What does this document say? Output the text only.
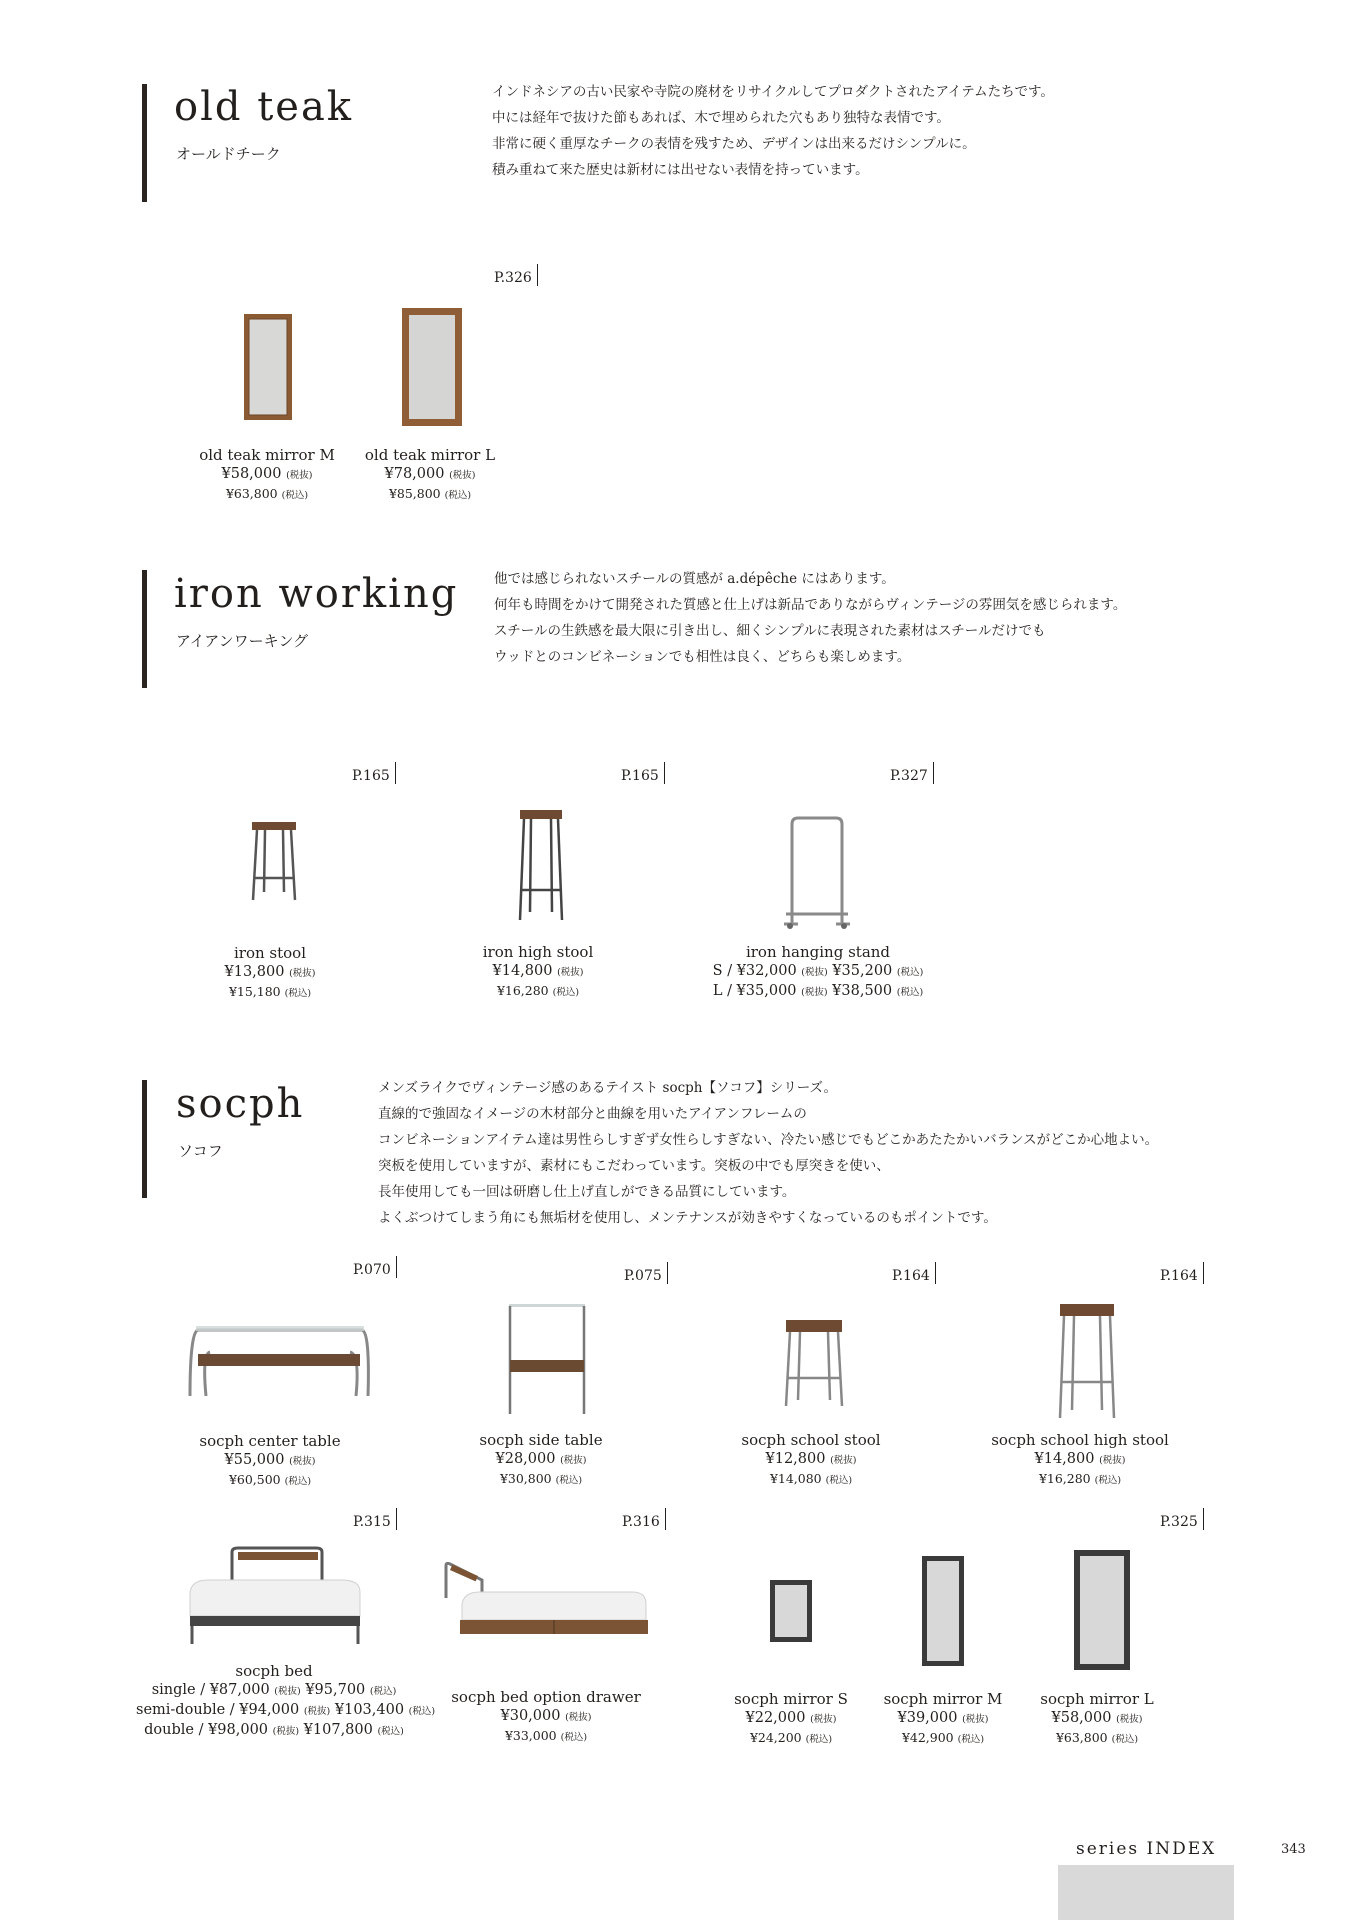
old teak
オールドチーク
インドネシアの古い民家や寺院の廃材をリサイクルしてプロダクトされたアイテムたちです。
中には経年で抜けた節もあれば、木で埋められた穴もあり独特な表情です。
非常に硬く重厚なチークの表情を残すため、デザインは出来るだけシンプルに。
積み重ねて来た歴史は新材には出せない表情を持っています。
P.326
old teak mirror M
¥58,000 (税抜)
¥63,800 (税込)
old teak mirror L
¥78,000 (税抜)
¥85,800 (税込)
iron working
アイアンワーキング
他では感じられないスチールの質感が a.dépêche にはあります。
何年も時間をかけて開発された質感と仕上げは新品でありながらヴィンテージの雰囲気を感じられます。
スチールの生鉄感を最大限に引き出し、細くシンプルに表現された素材はスチールだけでも
ウッドとのコンビネーションでも相性は良く、どちらも楽しめます。
P.165	P.165	P.327
iron stool
¥13,800 (税抜)
¥15,180 (税込)
iron high stool
¥14,800 (税抜)
¥16,280 (税込)
iron hanging stand
S / ¥32,000 (税抜) ¥35,200 (税込)
L / ¥35,000 (税抜) ¥38,500 (税込)
socph
ソコフ
メンズライクでヴィンテージ感のあるテイスト socph【ソコフ】シリーズ。
直線的で強固なイメージの木材部分と曲線を用いたアイアンフレームの
コンビネーションアイテム達は男性らしすぎず女性らしすぎない、冷たい感じでもどこかあたたかいバランスがどこか心地よい。
突板を使用していますが、素材にもこだわっています。突板の中でも厚突きを使い、
長年使用しても一回は研磨し仕上げ直しができる品質にしています。
よくぶつけてしまう角にも無垢材を使用し、メンテナンスが効きやすくなっているのもポイントです。
P.070	P.075	P.164	P.164
socph center table
¥55,000 (税抜)
¥60,500 (税込)
socph side table
¥28,000 (税抜)
¥30,800 (税込)
socph school stool
¥12,800 (税抜)
¥14,080 (税込)
socph school high stool
¥14,800 (税抜)
¥16,280 (税込)
P.315	P.316	P.325
socph bed
single / ¥87,000 (税抜) ¥95,700 (税込)
semi-double / ¥94,000 (税抜) ¥103,400 (税込)
double / ¥98,000 (税抜) ¥107,800 (税込)
socph bed option drawer
¥30,000 (税抜)
¥33,000 (税込)
socph mirror S
¥22,000 (税抜)
¥24,200 (税込)
socph mirror M
¥39,000 (税抜)
¥42,900 (税込)
socph mirror L
¥58,000 (税抜)
¥63,800 (税込)
series INDEX	343
